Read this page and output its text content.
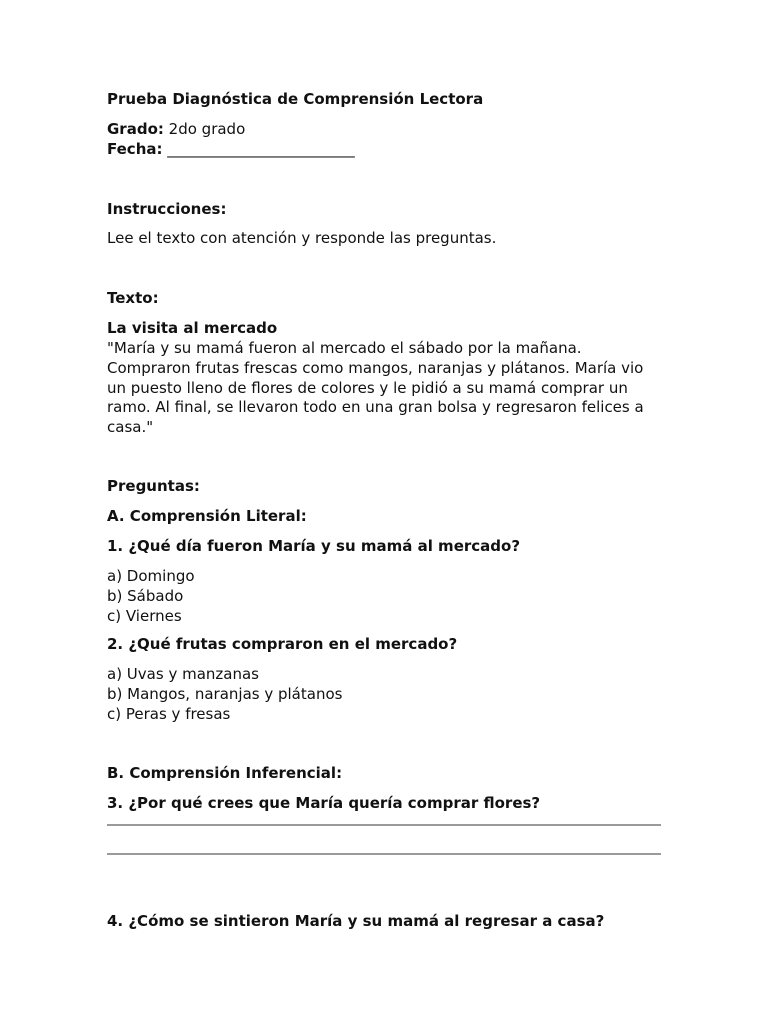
Prueba Diagnóstica de Comprensión Lectora
Grado: 2do grado
Fecha: _________________________
Instrucciones:
Lee el texto con atención y responde las preguntas.
Texto:
La visita al mercado
"María y su mamá fueron al mercado el sábado por la mañana.
Compraron frutas frescas como mangos, naranjas y plátanos. María vio
un puesto lleno de flores de colores y le pidió a su mamá comprar un
ramo. Al final, se llevaron todo en una gran bolsa y regresaron felices a
casa."
Preguntas:
A. Comprensión Literal:
1. ¿Qué día fueron María y su mamá al mercado?
a) Domingo
b) Sábado
c) Viernes
2. ¿Qué frutas compraron en el mercado?
a) Uvas y manzanas
b) Mangos, naranjas y plátanos
c) Peras y fresas
B. Comprensión Inferencial:
3. ¿Por qué crees que María quería comprar flores?
4. ¿Cómo se sintieron María y su mamá al regresar a casa?
